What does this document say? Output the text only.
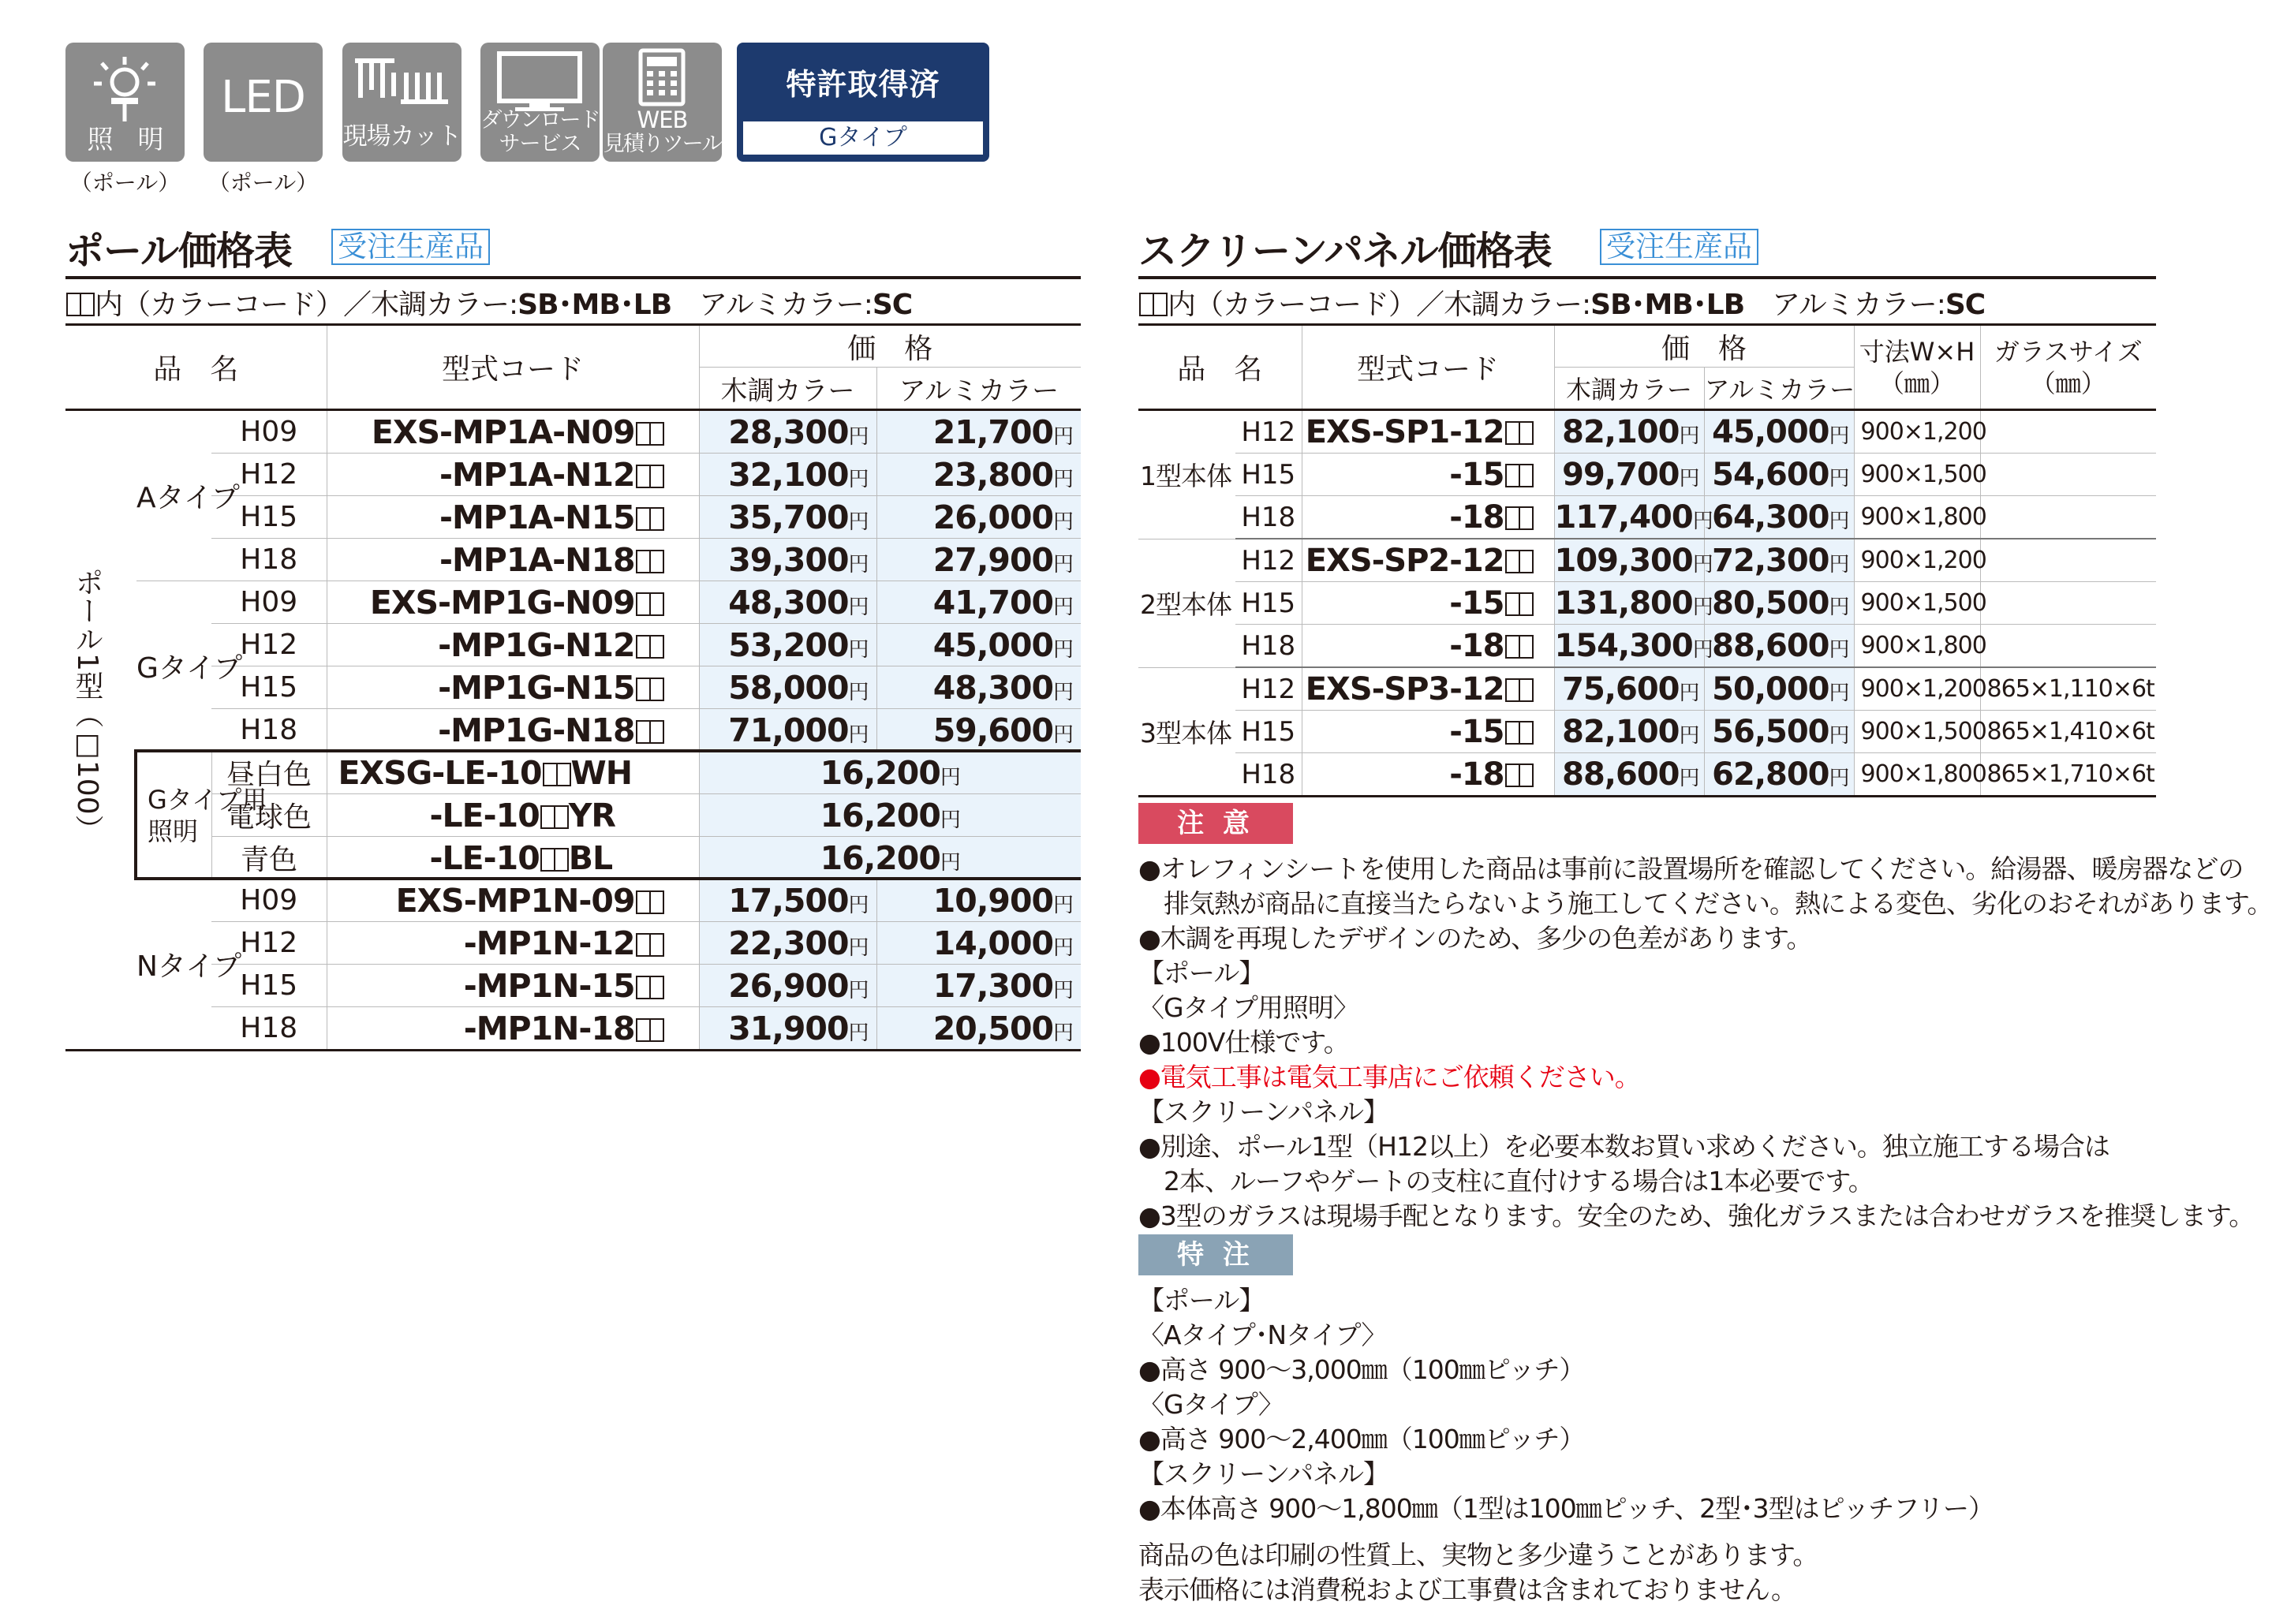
照　明
（ポール）
LED
（ポール）
現場カット
ダウンロード
サービス
WEB
見積りツール
特許取得済
Gタイプ
ポール価格表 受注生産品
内（カラーコード）／木調カラー:SB･MB･LB　 アルミカラー:SC
品　名			型式コード	価　格	
				木調カラー	アルミカラー
	Aタイプ	H09	EXS-MP1A-N09	28,300円	21,700円
		H12	-MP1A-N12	32,100円	23,800円
		H15	-MP1A-N15	35,700円	26,000円
		H18	-MP1A-N18	39,300円	27,900円
	Gタイプ	H09	EXS-MP1G-N09	48,300円	41,700円
		H12	-MP1G-N12	53,200円	45,000円
		H15	-MP1G-N15	58,000円	48,300円
		H18	-MP1G-N18	71,000円	59,600円
	Gタイプ用
照明	昼白色	EXSG-LE-10 WH	16,200円	
		電球色	-LE-10 YR	16,200円	
		青色	-LE-10 BL	16,200円	
	Nタイプ	H09	EXS-MP1N-09	17,500円	10,900円
		H12	-MP1N-12	22,300円	14,000円
		H15	-MP1N-15	26,900円	17,300円
		H18	-MP1N-18	31,900円	20,500円
ポール1型（□100）
スクリーンパネル価格表 受注生産品
内（カラーコード）／木調カラー:SB･MB･LB　 アルミカラー:SC
品　名		型式コード	価　格		寸法W×H
（㎜）	ガラスサイズ
（㎜）
			木調カラー	アルミカラー		
1型本体	H12	EXS-SP1-12	82,100円	45,000円	900×1,200	
	H15	-15	99,700円	54,600円	900×1,500	
	H18	-18	117,400円	64,300円	900×1,800	
2型本体	H12	EXS-SP2-12	109,300円	72,300円	900×1,200	
	H15	-15	131,800円	80,500円	900×1,500	
	H18	-18	154,300円	88,600円	900×1,800	
3型本体	H12	EXS-SP3-12	75,600円	50,000円	900×1,200	865×1,110×6t
	H15	-15	82,100円	56,500円	900×1,500	865×1,410×6t
	H18	-18	88,600円	62,800円	900×1,800	865×1,710×6t
注 意
●オレフィンシートを使用した商品は事前に設置場所を確認してください。給湯器、暖房器などの
　排気熱が商品に直接当たらないよう施工してください。熱による変色、劣化のおそれがあります。
●木調を再現したデザインのため、多少の色差があります。
【ポール】
〈Gタイプ用照明〉
●100V仕様です。
●電気工事は電気工事店にご依頼ください。
【スクリーンパネル】
●別途、ポール1型（H12以上）を必要本数お買い求めください。独立施工する場合は
　2本、ルーフやゲートの支柱に直付けする場合は1本必要です。
●3型のガラスは現場手配となります。安全のため、強化ガラスまたは合わせガラスを推奨します。
特 注
【ポール】
〈Aタイプ･Nタイプ〉
●高さ 900～3,000㎜（100㎜ピッチ）
〈Gタイプ〉
●高さ 900～2,400㎜（100㎜ピッチ）
【スクリーンパネル】
●本体高さ 900～1,800㎜（1型は100㎜ピッチ、2型･3型はピッチフリー）
商品の色は印刷の性質上、実物と多少違うことがあります。
表示価格には消費税および工事費は含まれておりません。
